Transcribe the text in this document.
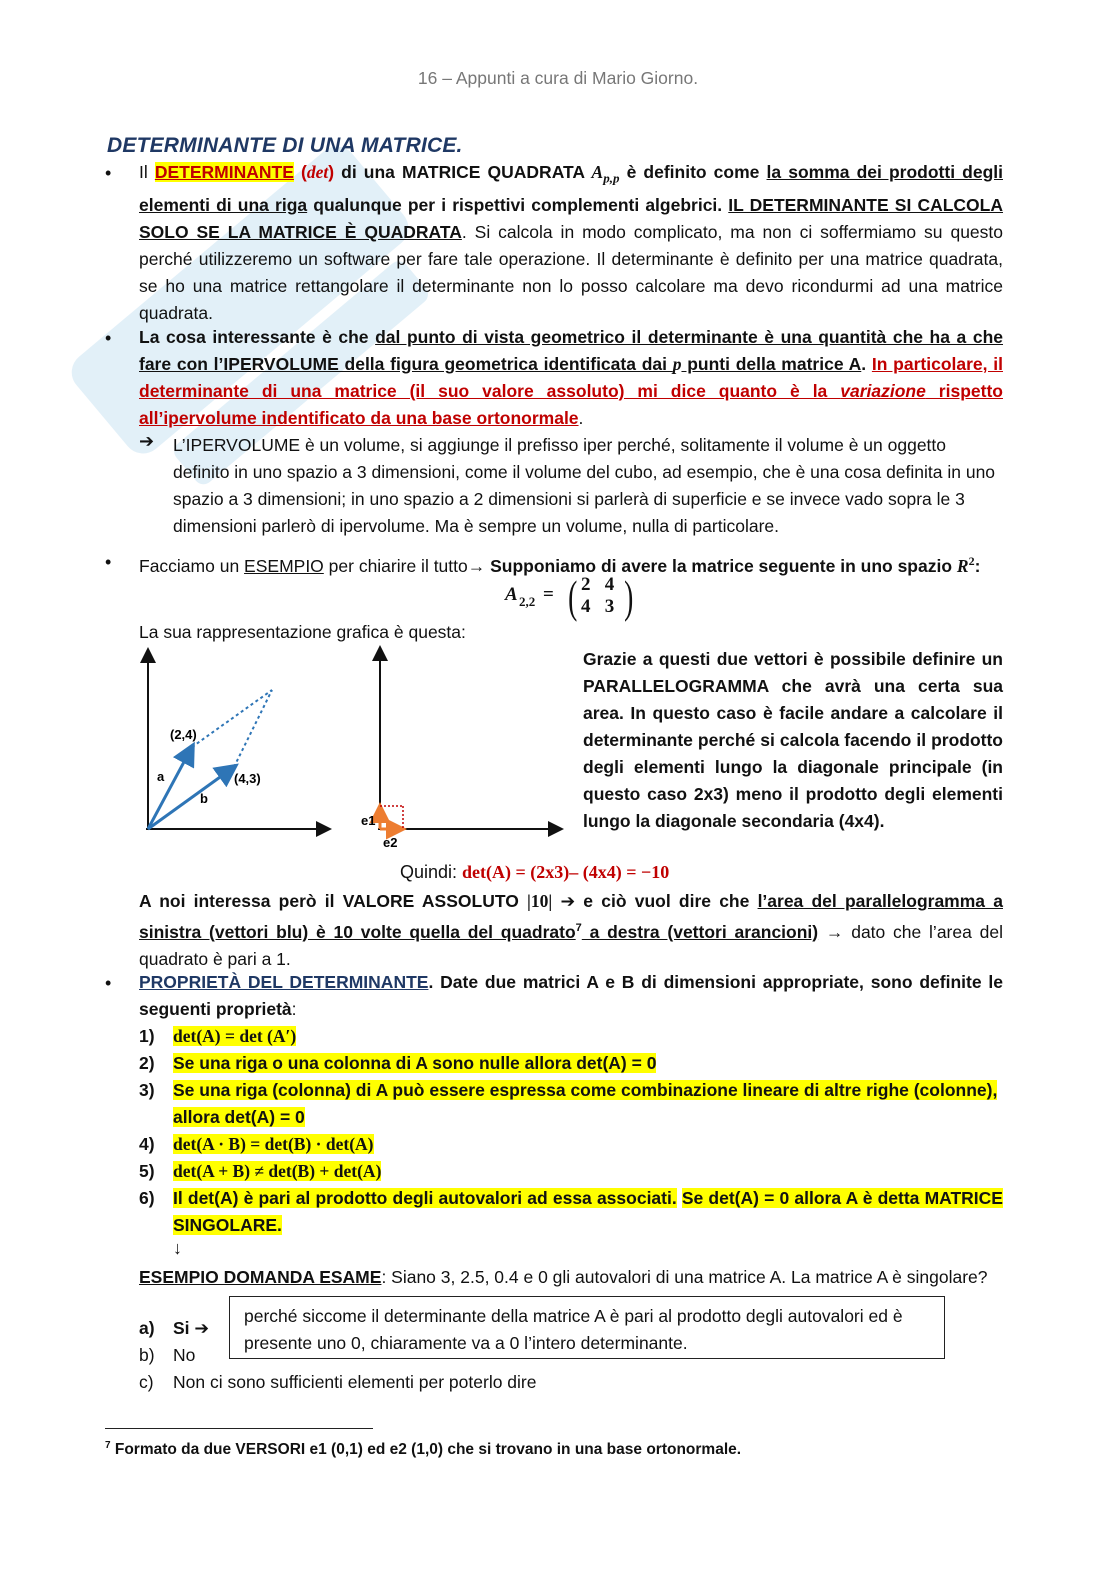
16 – Appunti a cura di Mario Giorno.
DETERMINANTE DI UNA MATRICE.
• Il DETERMINANTE (det) di una MATRICE QUADRATA $A_{p,p}$ è definito come la somma dei prodotti degli elementi di una riga qualunque per i rispettivi complementi algebrici. IL DETERMINANTE SI CALCOLA SOLO SE LA MATRICE È QUADRATA. Si calcola in modo complicato, ma non ci soffermiamo su questo perché utilizzeremo un software per fare tale operazione. Il determinante è definito per una matrice quadrata, se ho una matrice rettangolare il determinante non lo posso calcolare ma devo ricondurmi ad una matrice quadrata.
• La cosa interessante è che dal punto di vista geometrico il determinante è una quantità che ha a che fare con l’IPERVOLUME della figura geometrica identificata dai p punti della matrice A. In particolare, il determinante di una matrice (il suo valore assoluto) mi dice quanto è la variazione rispetto all’ipervolume indentificato da una base ortonormale.
➔ L’IPERVOLUME è un volume, si aggiunge il prefisso iper perché, solitamente il volume è un oggetto definito in uno spazio a 3 dimensioni, come il volume del cubo, ad esempio, che è una cosa definita in uno spazio a 3 dimensioni; in uno spazio a 2 dimensioni si parlerà di superficie e se invece vado sopra le 3 dimensioni parlerò di ipervolume. Ma è sempre un volume, nulla di particolare.
• Facciamo un ESEMPIO per chiarire il tutto→ Supponiamo di avere la matrice seguente in uno spazio $R^2$:
A 2,2 = ( 2   4
4   3 )
La sua rappresentazione grafica è questa:
(2,4)
(4,3)
a
b
e1
e2
Grazie a questi due vettori è possibile definire un PARALLELOGRAMMA che avrà una certa sua area. In questo caso è facile andare a calcolare il determinante perché si calcola facendo il prodotto degli elementi lungo la diagonale principale (in questo caso 2x3) meno il prodotto degli elementi lungo la diagonale secondaria (4x4).
Quindi: det(A) = (2x3)– (4x4) = −10
A noi interessa però il VALORE ASSOLUTO |10| ➔ e ciò vuol dire che l’area del parallelogramma a sinistra (vettori blu) è 10 volte quella del quadrato$^7$ a destra (vettori arancioni) → dato che l’area del quadrato è pari a 1.
• PROPRIETÀ DEL DETERMINANTE. Date due matrici A e B di dimensioni appropriate, sono definite le seguenti proprietà:
1) det(A) = det (A′)
2) Se una riga o una colonna di A sono nulle allora det(A) = 0
3) Se una riga (colonna) di A può essere espressa come combinazione lineare di altre righe (colonne), allora det(A) = 0
4) det(A · B) = det(B) · det(A)
5) det(A + B) ≠ det(B) + det(A)
6) Il det(A) è pari al prodotto degli autovalori ad essa associati. Se det(A) = 0 allora A è detta MATRICE SINGOLARE.
↓
ESEMPIO DOMANDA ESAME: Siano 3, 2.5, 0.4 e 0 gli autovalori di una matrice A. La matrice A è singolare?
a) Si ➔
b) No
c) Non ci sono sufficienti elementi per poterlo dire
perché siccome il determinante della matrice A è pari al prodotto degli autovalori ed è presente uno 0, chiaramente va a 0 l’intero determinante.
$^7$ Formato da due VERSORI e1 (0,1) ed e2 (1,0) che si trovano in una base ortonormale.
